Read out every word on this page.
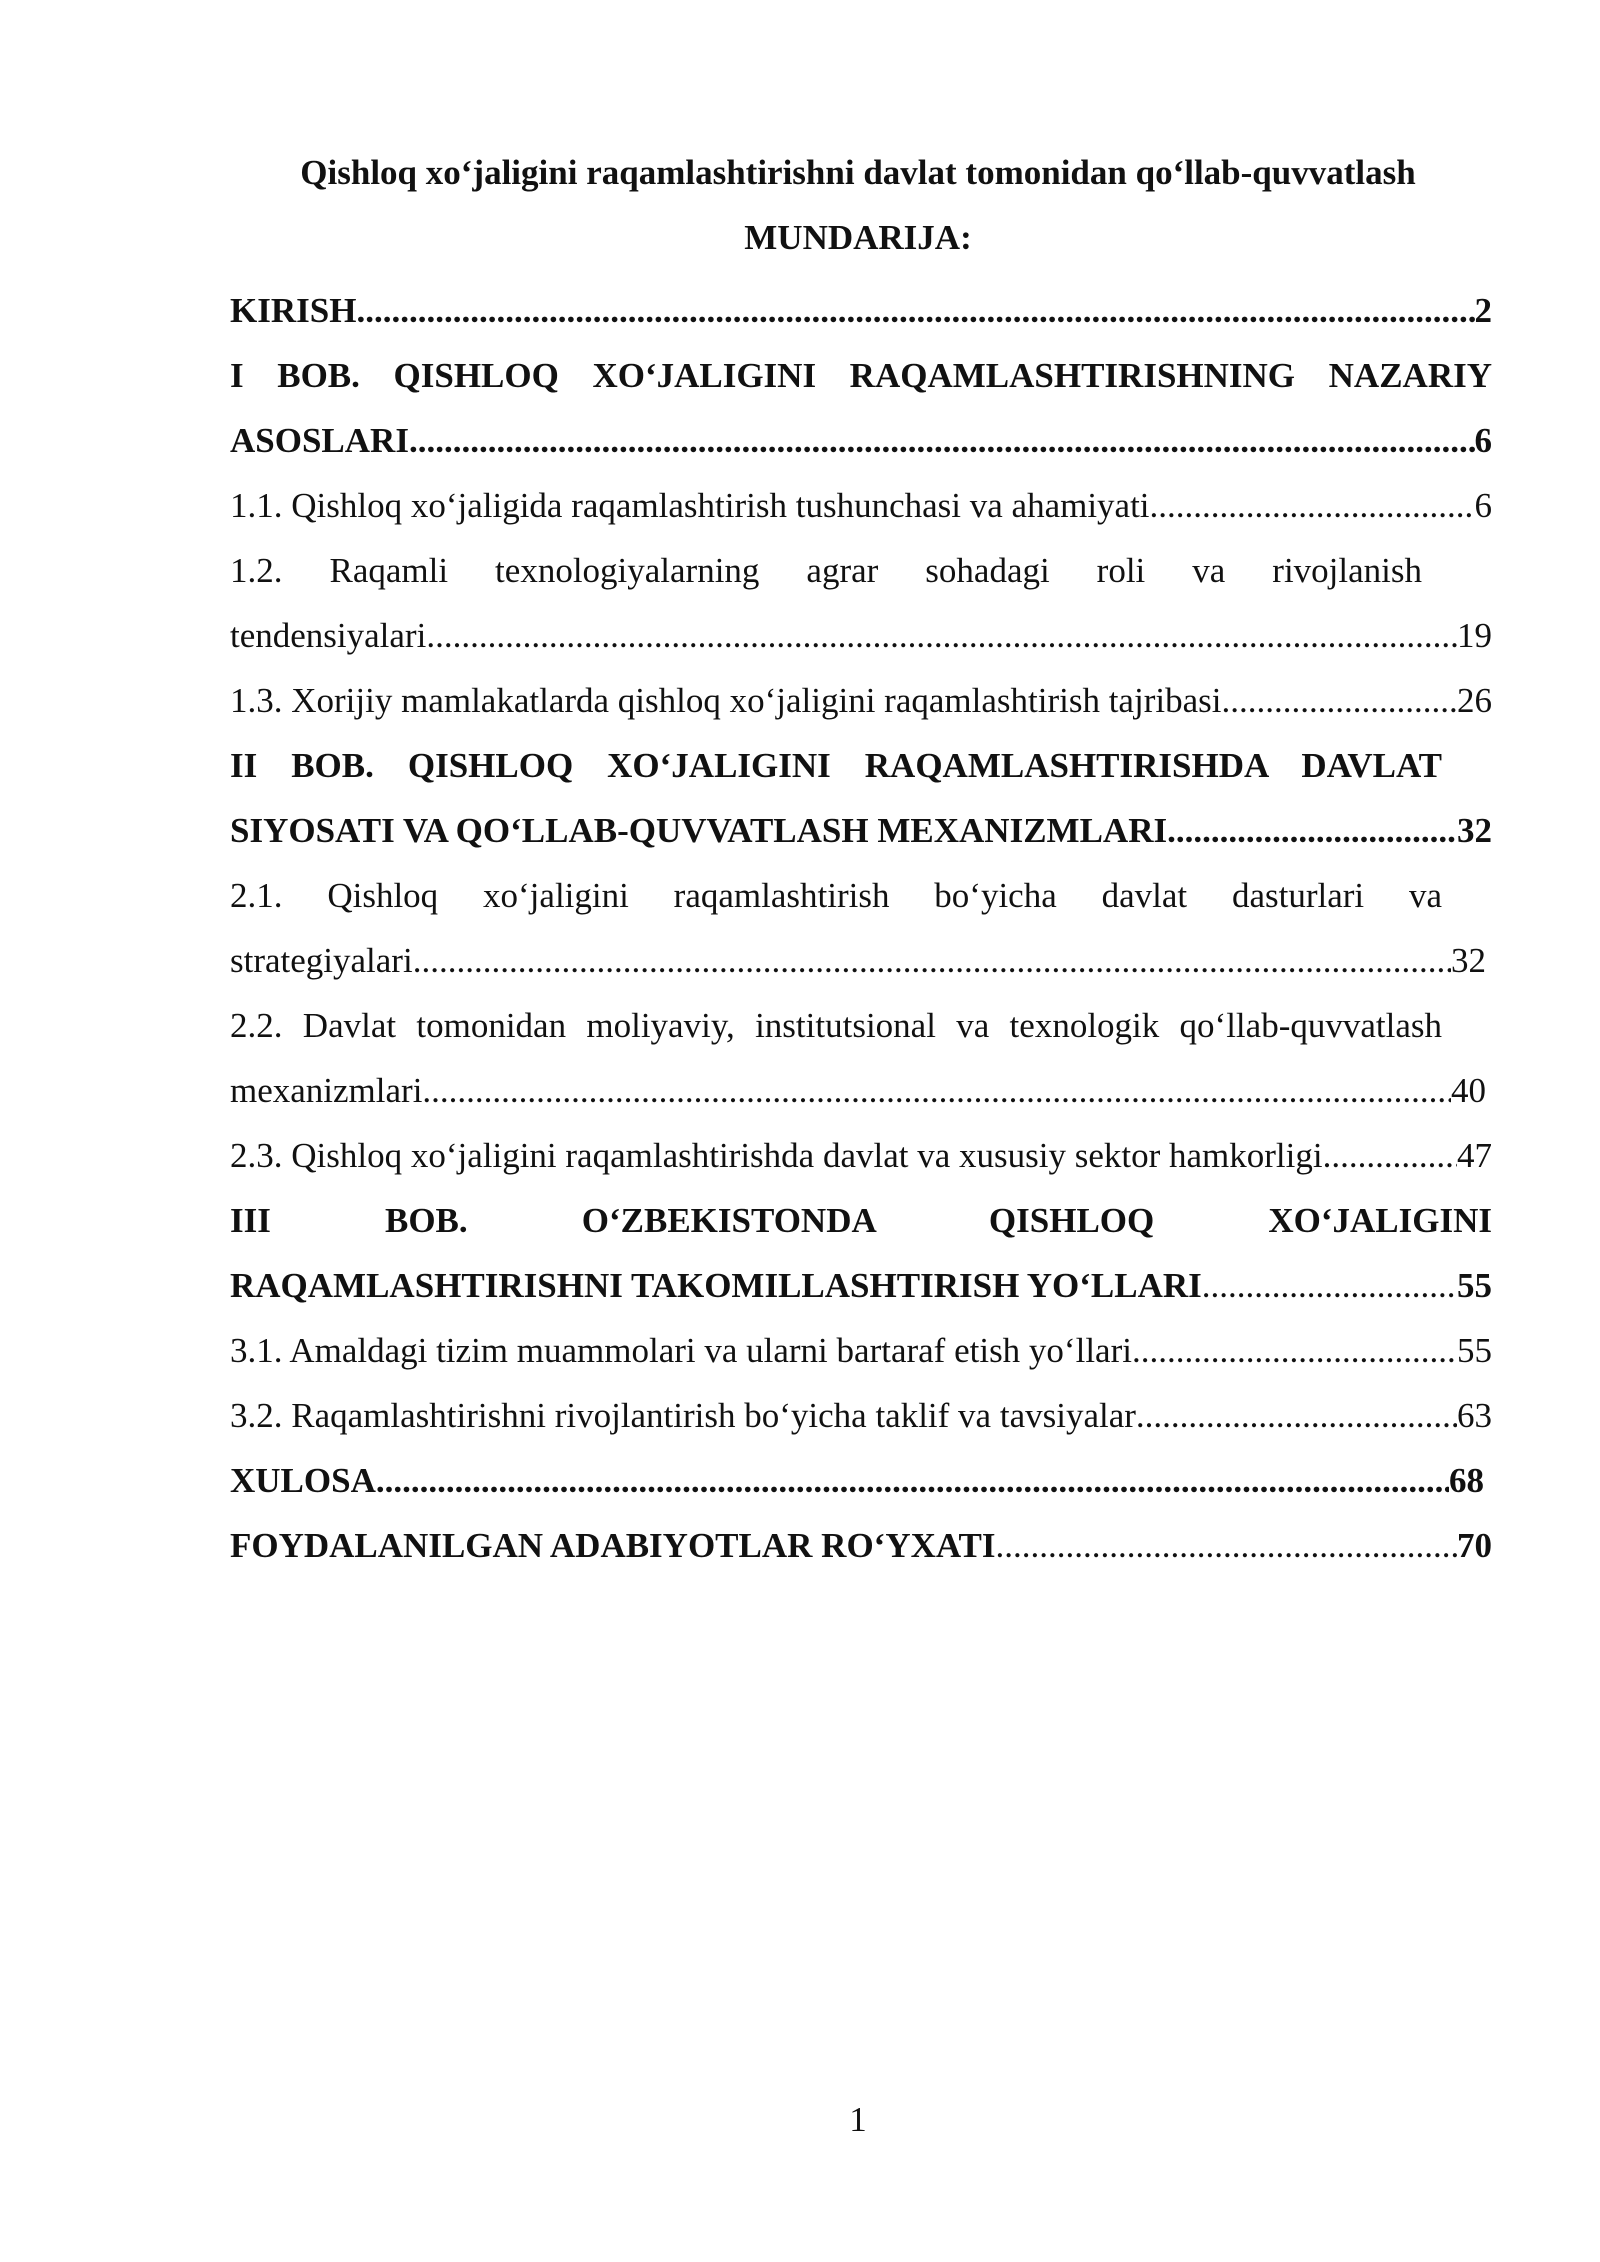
Qishloq xo‘jaligini raqamlashtirishni davlat tomonidan qo‘llab-quvvatlash
MUNDARIJA:
KIRISH .....	2
I BOB. QISHLOQ XO‘JALIGINI RAQAMLASHTIRISHNING NAZARIY
ASOSLARI .....	6
1.1. Qishloq xo‘jaligida raqamlashtirish tushunchasi va ahamiyati .....	6
1.2. Raqamli texnologiyalarning agrar sohadagi roli va rivojlanish
tendensiyalari .....	19
1.3. Xorijiy mamlakatlarda qishloq xo‘jaligini raqamlashtirish tajribasi .....	26
II BOB. QISHLOQ XO‘JALIGINI RAQAMLASHTIRISHDA DAVLAT
SIYOSATI VA QO‘LLAB-QUVVATLASH MEXANIZMLARI .....	32
2.1. Qishloq xo‘jaligini raqamlashtirish bo‘yicha davlat dasturlari va
strategiyalari .....	32
2.2. Davlat tomonidan moliyaviy, institutsional va texnologik qo‘llab-quvvatlash
mexanizmlari .....	40
2.3. Qishloq xo‘jaligini raqamlashtirishda davlat va xususiy sektor hamkorligi .....	47
III BOB. O‘ZBEKISTONDA QISHLOQ XO‘JALIGINI
RAQAMLASHTIRISHNI TAKOMILLASHTIRISH YO‘LLARI .....	55
3.1. Amaldagi tizim muammolari va ularni bartaraf etish yo‘llari .....	55
3.2. Raqamlashtirishni rivojlantirish bo‘yicha taklif va tavsiyalar .....	63
XULOSA .....	68
FOYDALANILGAN ADABIYOTLAR RO‘YXATI .....	70
1
